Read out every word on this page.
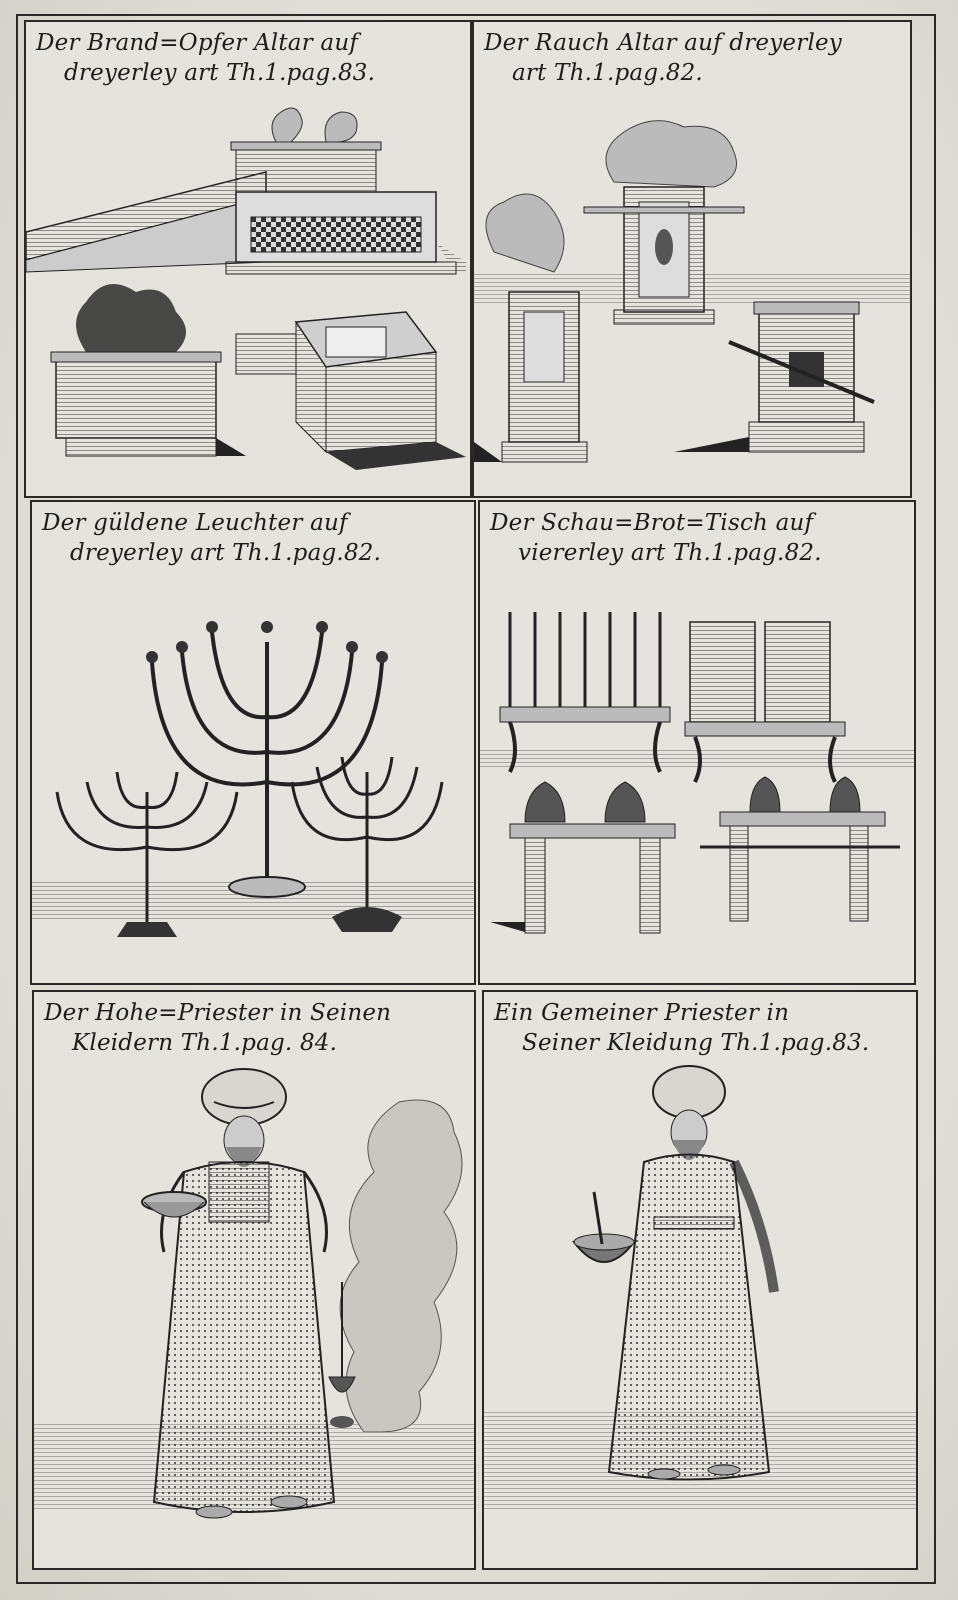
Der Brand=Opfer Altar auf
dreyerley art Th.1.pag.83.
Der Rauch Altar auf dreyerley
art Th.1.pag.82.
Der güldene Leuchter auf
dreyerley art Th.1.pag.82.
Der Schau=Brot=Tisch auf
viererley art Th.1.pag.82.
Der Hohe=Priester in Seinen
Kleidern Th.1.pag. 84.
Ein Gemeiner Priester in
Seiner Kleidung Th.1.pag.83.
